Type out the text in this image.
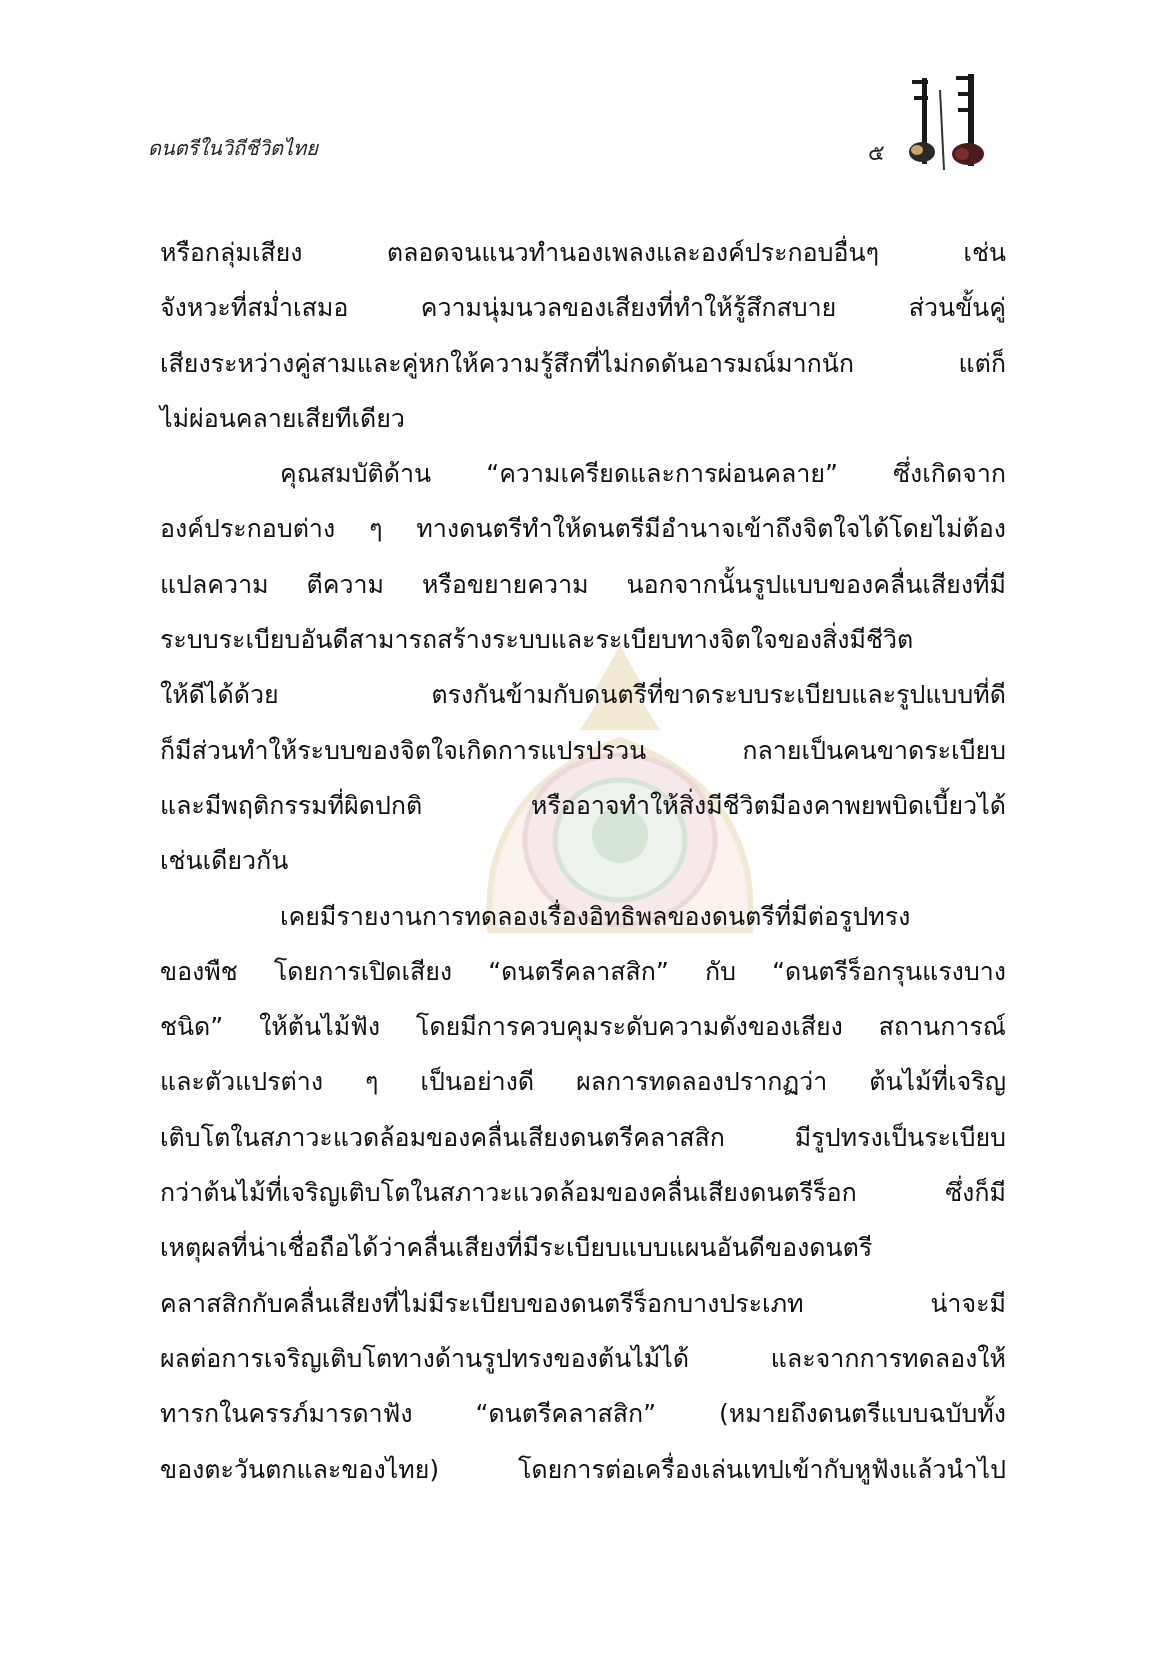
ดนตรีในวิถีชีวิตไทย	๕
หรือกลุ่มเสียง ตลอดจนแนวทำนองเพลงและองค์ประกอบอื่นๆ เช่น
จังหวะที่สม่ำเสมอ ความนุ่มนวลของเสียงที่ทำให้รู้สึกสบาย ส่วนขั้นคู่
เสียงระหว่างคู่สามและคู่หกให้ความรู้สึกที่ไม่กดดันอารมณ์มากนัก แต่ก็
ไม่ผ่อนคลายเสียทีเดียว
คุณสมบัติด้าน “ความเครียดและการผ่อนคลาย” ซึ่งเกิดจาก
องค์ประกอบต่าง ๆ ทางดนตรีทำให้ดนตรีมีอำนาจเข้าถึงจิตใจได้โดยไม่ต้อง
แปลความ ตีความ หรือขยายความ นอกจากนั้นรูปแบบของคลื่นเสียงที่มี
ระบบระเบียบอันดีสามารถสร้างระบบและระเบียบทางจิตใจของสิ่งมีชีวิต
ให้ดีได้ด้วย ตรงกันข้ามกับดนตรีที่ขาดระบบระเบียบและรูปแบบที่ดี
ก็มีส่วนทำให้ระบบของจิตใจเกิดการแปรปรวน กลายเป็นคนขาดระเบียบ
และมีพฤติกรรมที่ผิดปกติ หรืออาจทำให้สิ่งมีชีวิตมีองคาพยพบิดเบี้ยวได้
เช่นเดียวกัน
เคยมีรายงานการทดลองเรื่องอิทธิพลของดนตรีที่มีต่อรูปทรง
ของพืช โดยการเปิดเสียง “ดนตรีคลาสสิก” กับ “ดนตรีร็อกรุนแรงบาง
ชนิด” ให้ต้นไม้ฟัง โดยมีการควบคุมระดับความดังของเสียง สถานการณ์
และตัวแปรต่าง ๆ เป็นอย่างดี ผลการทดลองปรากฏว่า ต้นไม้ที่เจริญ
เติบโตในสภาวะแวดล้อมของคลื่นเสียงดนตรีคลาสสิก มีรูปทรงเป็นระเบียบ
กว่าต้นไม้ที่เจริญเติบโตในสภาวะแวดล้อมของคลื่นเสียงดนตรีร็อก ซึ่งก็มี
เหตุผลที่น่าเชื่อถือได้ว่าคลื่นเสียงที่มีระเบียบแบบแผนอันดีของดนตรี
คลาสสิกกับคลื่นเสียงที่ไม่มีระเบียบของดนตรีร็อกบางประเภท น่าจะมี
ผลต่อการเจริญเติบโตทางด้านรูปทรงของต้นไม้ได้ และจากการทดลองให้
ทารกในครรภ์มารดาฟัง “ดนตรีคลาสสิก” (หมายถึงดนตรีแบบฉบับทั้ง
ของตะวันตกและของไทย) โดยการต่อเครื่องเล่นเทปเข้ากับหูฟังแล้วนำไป
